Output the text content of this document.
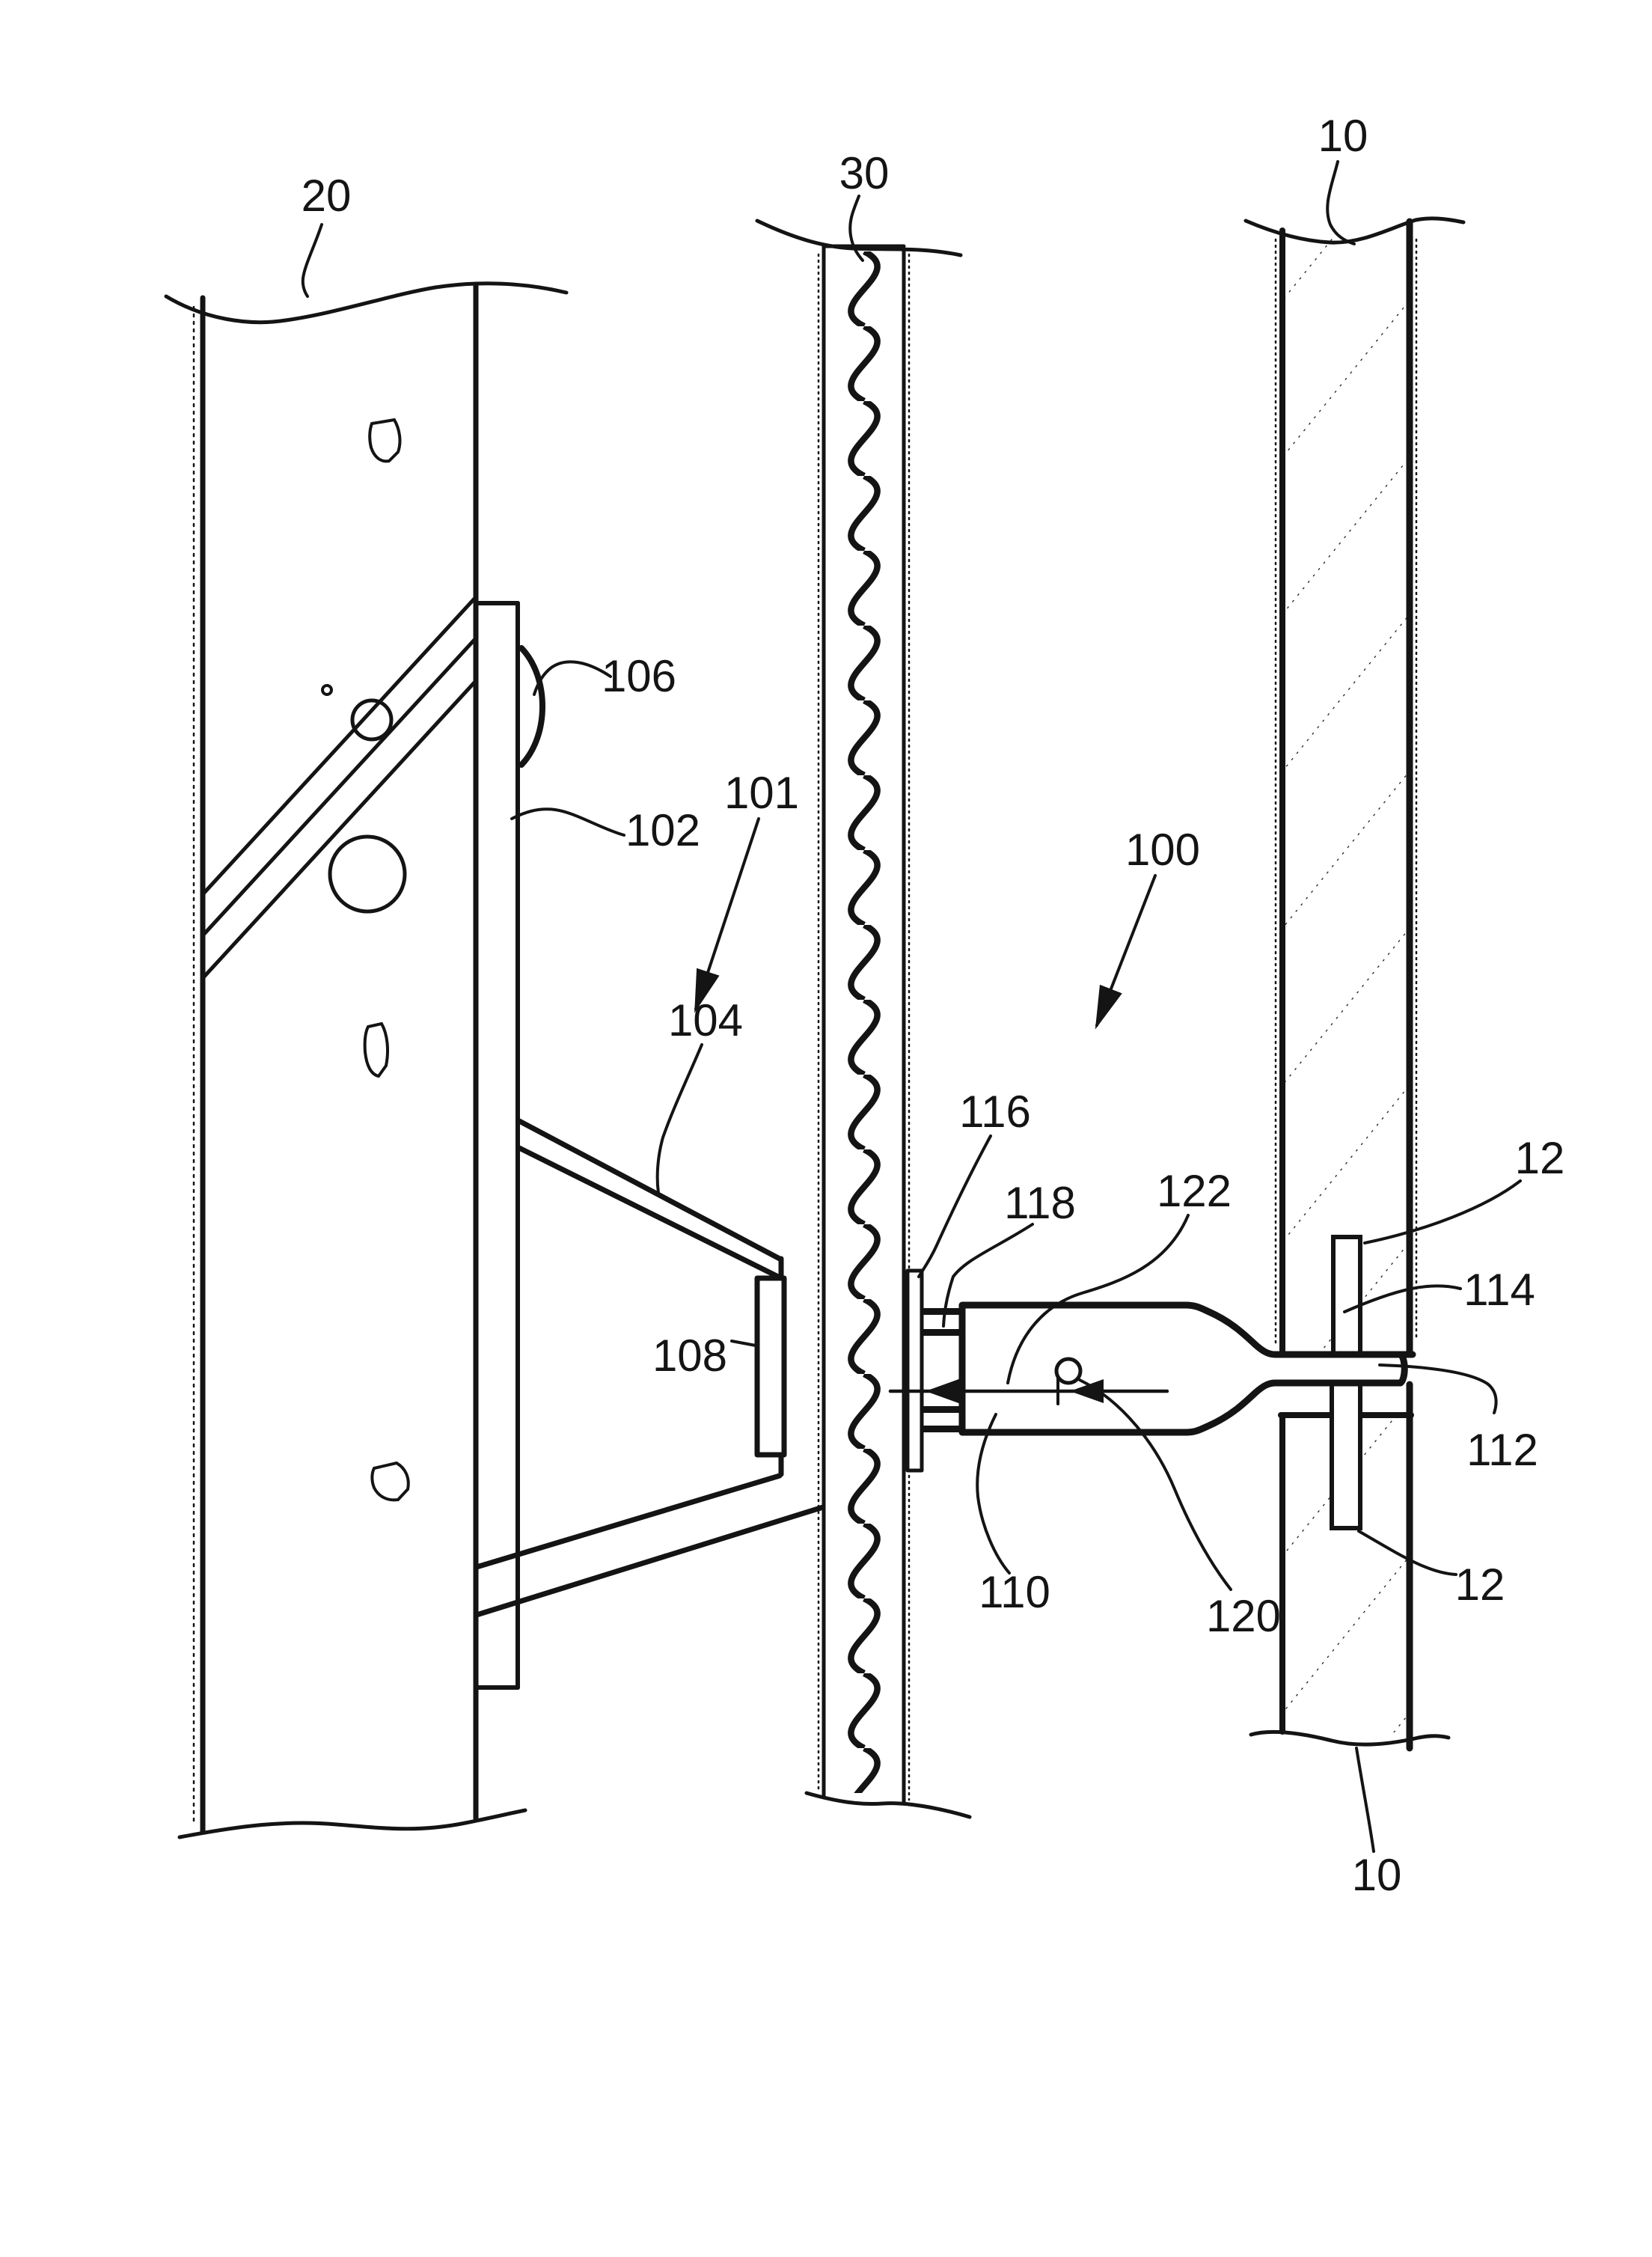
20	30
10
106
102
101
100
104
108
116
118 122
12
114
112
120
110	12
10
